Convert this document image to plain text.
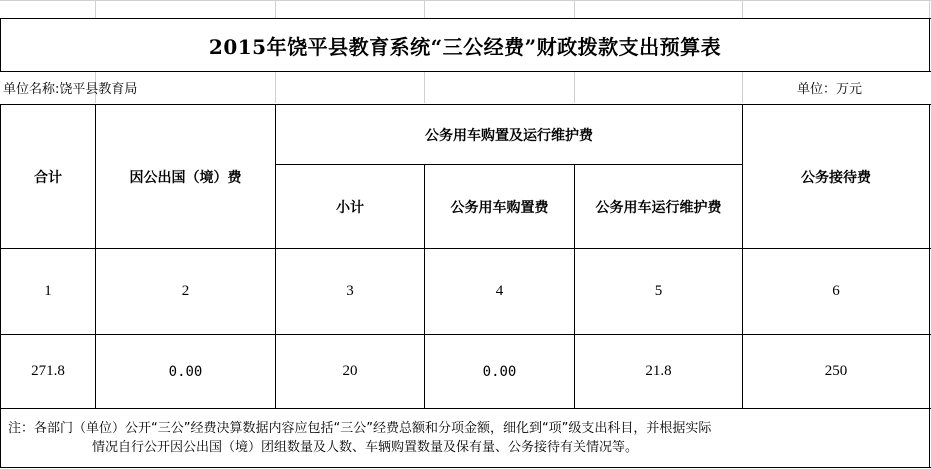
2015年饶平县教育系统“三公经费”财政拨款支出预算表
单位名称:饶平县教育局	单位：万元
合计	因公出国（境）费
公务用车购置及运行维护费
小计	公务用车购置费	公务用车运行维护费
公务接待费
1	2	3	4	5	6
271.8	0.00	20	0.00	21.8	250
注：各部门（单位）公开“三公”经费决算数据内容应包括“三公”经费总额和分项金额，细化到“项”级支出科目，并根据实际
情况自行公开因公出国（境）团组数量及人数、车辆购置数量及保有量、公务接待有关情况等。
